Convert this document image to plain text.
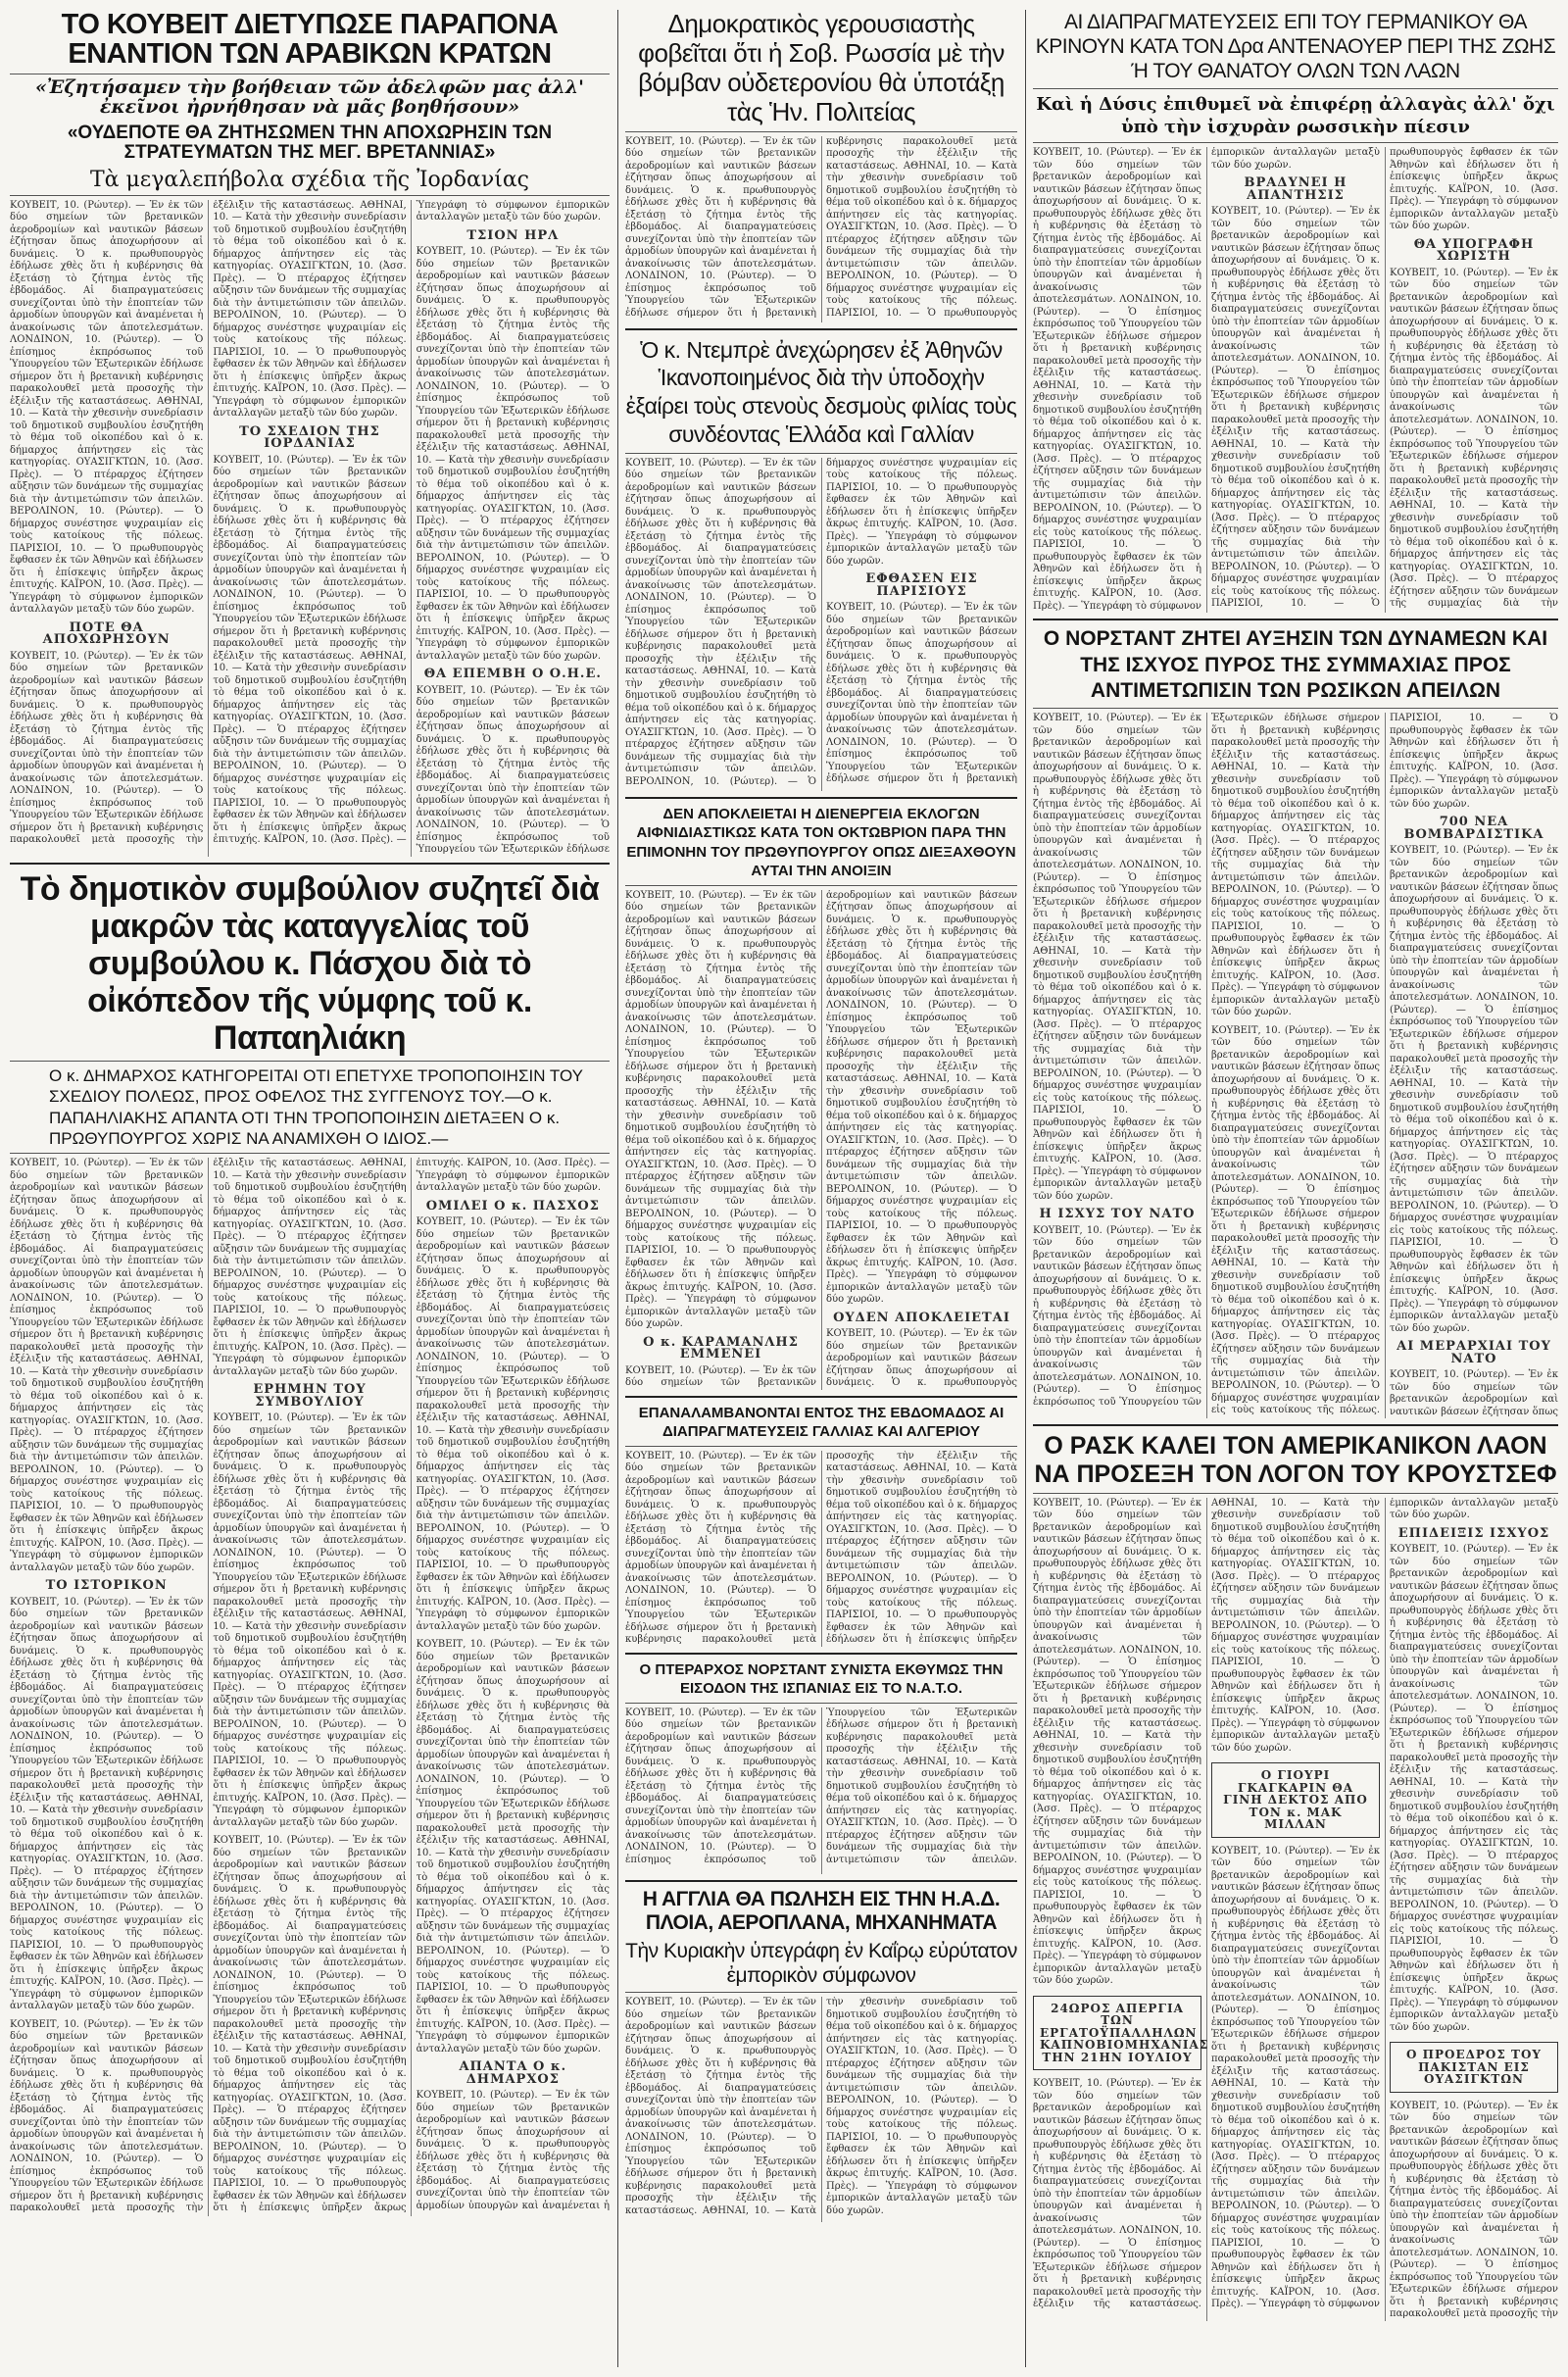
ΤΟ ΚΟΥΒΕΙΤ ΔΙΕΤΥΠΩΣΕ ΠΑΡΑΠΟΝΑ ΕΝΑΝΤΙΟΝ ΤΩΝ ΑΡΑΒΙΚΩΝ ΚΡΑΤΩΝ
«Ἐζητήσαμεν τὴν βοήθειαν τῶν ἀδελφῶν μας ἀλλ' ἐκεῖνοι ἠρνήθησαν νὰ μᾶς βοηθήσουν»
«ΟΥΔΕΠΟΤΕ ΘΑ ΖΗΤΗΣΩΜΕΝ ΤΗΝ ΑΠΟΧΩΡΗΣΙΝ ΤΩΝ ΣΤΡΑΤΕΥΜΑΤΩΝ ΤΗΣ ΜΕΓ. ΒΡΕΤΑΝΝΙΑΣ»
Τὰ μεγαλεπήβολα σχέδια τῆς Ἰορδανίας

ΚΟΥΒΕΙΤ, 10. (Ρώυτερ). — Ἐν ἐκ τῶν δύο σημείων τῶν βρετανικῶν ἀεροδρομίων καὶ ναυτικῶν βάσεων ἐζήτησαν ὅπως ἀποχωρήσουν αἱ δυνάμεις. Ὁ κ. πρωθυπουργὸς ἐδήλωσε χθὲς ὅτι ἡ κυβέρνησις θὰ ἐξετάσῃ τὸ ζήτημα ἐντὸς τῆς ἑβδομάδος. Αἱ διαπραγματεύσεις συνεχίζονται ὑπὸ τὴν ἐποπτείαν τῶν ἁρμοδίων ὑπουργῶν καὶ ἀναμένεται ἡ ἀνακοίνωσις τῶν ἀποτελεσμάτων. ΛΟΝΔΙΝΟΝ, 10. (Ρώυτερ). — Ὁ ἐπίσημος ἐκπρόσωπος τοῦ Ὑπουργείου τῶν Ἐξωτερικῶν ἐδήλωσε σήμερον ὅτι ἡ βρετανικὴ κυβέρνησις παρακολουθεῖ μετὰ προσοχῆς τὴν ἐξέλιξιν τῆς καταστάσεως. ΑΘΗΝΑΙ, 10. — Κατὰ τὴν χθεσινὴν συνεδρίασιν τοῦ δημοτικοῦ συμβουλίου ἐσυζητήθη τὸ θέμα τοῦ οἰκοπέδου καὶ ὁ κ. δήμαρχος ἀπήντησεν εἰς τὰς κατηγορίας. ΟΥΑΣΙΓΚΤΩΝ, 10. (Ἀσσ. Πρὲς). — Ὁ πτέραρχος ἐζήτησεν αὔξησιν τῶν δυνάμεων τῆς συμμαχίας διὰ τὴν ἀντιμετώπισιν τῶν ἀπειλῶν. ΒΕΡΟΛΙΝΟΝ, 10. (Ρώυτερ). — Ὁ δήμαρχος συνέστησε ψυχραιμίαν εἰς τοὺς κατοίκους τῆς πόλεως. ΠΑΡΙΣΙΟΙ, 10. — Ὁ πρωθυπουργὸς ἔφθασεν ἐκ τῶν Ἀθηνῶν καὶ ἐδήλωσεν ὅτι ἡ ἐπίσκεψις ὑπῆρξεν ἄκρως ἐπιτυχής. ΚΑΪΡΟΝ, 10. (Ἀσσ. Πρὲς). — Ὑπεγράφη τὸ σύμφωνον ἐμπορικῶν ἀνταλλαγῶν μεταξὺ τῶν δύο χωρῶν.

ΠΟΤΕ ΘΑ ΑΠΟΧΩΡΗΣΟΥΝ

ΚΟΥΒΕΙΤ, 10. (Ρώυτερ). — Ἐν ἐκ τῶν δύο σημείων τῶν βρετανικῶν ἀεροδρομίων καὶ ναυτικῶν βάσεων ἐζήτησαν ὅπως ἀποχωρήσουν αἱ δυνάμεις. Ὁ κ. πρωθυπουργὸς ἐδήλωσε χθὲς ὅτι ἡ κυβέρνησις θὰ ἐξετάσῃ τὸ ζήτημα ἐντὸς τῆς ἑβδομάδος. Αἱ διαπραγματεύσεις συνεχίζονται ὑπὸ τὴν ἐποπτείαν τῶν ἁρμοδίων ὑπουργῶν καὶ ἀναμένεται ἡ ἀνακοίνωσις τῶν ἀποτελεσμάτων. ΛΟΝΔΙΝΟΝ, 10. (Ρώυτερ). — Ὁ ἐπίσημος ἐκπρόσωπος τοῦ Ὑπουργείου τῶν Ἐξωτερικῶν ἐδήλωσε σήμερον ὅτι ἡ βρετανικὴ κυβέρνησις παρακολουθεῖ μετὰ προσοχῆς τὴν ἐξέλιξιν τῆς καταστάσεως. ΑΘΗΝΑΙ, 10. — Κατὰ τὴν χθεσινὴν συνεδρίασιν τοῦ δημοτικοῦ συμβουλίου ἐσυζητήθη τὸ θέμα τοῦ οἰκοπέδου καὶ ὁ κ. δήμαρχος ἀπήντησεν εἰς τὰς κατηγορίας. ΟΥΑΣΙΓΚΤΩΝ, 10. (Ἀσσ. Πρὲς). — Ὁ πτέραρχος ἐζήτησεν αὔξησιν τῶν δυνάμεων τῆς συμμαχίας διὰ τὴν ἀντιμετώπισιν τῶν ἀπειλῶν. ΒΕΡΟΛΙΝΟΝ, 10. (Ρώυτερ). — Ὁ δήμαρχος συνέστησε ψυχραιμίαν εἰς τοὺς κατοίκους τῆς πόλεως. ΠΑΡΙΣΙΟΙ, 10. — Ὁ πρωθυπουργὸς ἔφθασεν ἐκ τῶν Ἀθηνῶν καὶ ἐδήλωσεν ὅτι ἡ ἐπίσκεψις ὑπῆρξεν ἄκρως ἐπιτυχής. ΚΑΪΡΟΝ, 10. (Ἀσσ. Πρὲς). — Ὑπεγράφη τὸ σύμφωνον ἐμπορικῶν ἀνταλλαγῶν μεταξὺ τῶν δύο χωρῶν.

ΤΟ ΣΧΕΔΙΟΝ ΤΗΣ ΙΟΡΔΑΝΙΑΣ

ΚΟΥΒΕΙΤ, 10. (Ρώυτερ). — Ἐν ἐκ τῶν δύο σημείων τῶν βρετανικῶν ἀεροδρομίων καὶ ναυτικῶν βάσεων ἐζήτησαν ὅπως ἀποχωρήσουν αἱ δυνάμεις. Ὁ κ. πρωθυπουργὸς ἐδήλωσε χθὲς ὅτι ἡ κυβέρνησις θὰ ἐξετάσῃ τὸ ζήτημα ἐντὸς τῆς ἑβδομάδος. Αἱ διαπραγματεύσεις συνεχίζονται ὑπὸ τὴν ἐποπτείαν τῶν ἁρμοδίων ὑπουργῶν καὶ ἀναμένεται ἡ ἀνακοίνωσις τῶν ἀποτελεσμάτων. ΛΟΝΔΙΝΟΝ, 10. (Ρώυτερ). — Ὁ ἐπίσημος ἐκπρόσωπος τοῦ Ὑπουργείου τῶν Ἐξωτερικῶν ἐδήλωσε σήμερον ὅτι ἡ βρετανικὴ κυβέρνησις παρακολουθεῖ μετὰ προσοχῆς τὴν ἐξέλιξιν τῆς καταστάσεως. ΑΘΗΝΑΙ, 10. — Κατὰ τὴν χθεσινὴν συνεδρίασιν τοῦ δημοτικοῦ συμβουλίου ἐσυζητήθη τὸ θέμα τοῦ οἰκοπέδου καὶ ὁ κ. δήμαρχος ἀπήντησεν εἰς τὰς κατηγορίας. ΟΥΑΣΙΓΚΤΩΝ, 10. (Ἀσσ. Πρὲς). — Ὁ πτέραρχος ἐζήτησεν αὔξησιν τῶν δυνάμεων τῆς συμμαχίας διὰ τὴν ἀντιμετώπισιν τῶν ἀπειλῶν. ΒΕΡΟΛΙΝΟΝ, 10. (Ρώυτερ). — Ὁ δήμαρχος συνέστησε ψυχραιμίαν εἰς τοὺς κατοίκους τῆς πόλεως. ΠΑΡΙΣΙΟΙ, 10. — Ὁ πρωθυπουργὸς ἔφθασεν ἐκ τῶν Ἀθηνῶν καὶ ἐδήλωσεν ὅτι ἡ ἐπίσκεψις ὑπῆρξεν ἄκρως ἐπιτυχής. ΚΑΪΡΟΝ, 10. (Ἀσσ. Πρὲς). — Ὑπεγράφη τὸ σύμφωνον ἐμπορικῶν ἀνταλλαγῶν μεταξὺ τῶν δύο χωρῶν.

ΤΣΙΟΝ ΗΡΛ

ΚΟΥΒΕΙΤ, 10. (Ρώυτερ). — Ἐν ἐκ τῶν δύο σημείων τῶν βρετανικῶν ἀεροδρομίων καὶ ναυτικῶν βάσεων ἐζήτησαν ὅπως ἀποχωρήσουν αἱ δυνάμεις. Ὁ κ. πρωθυπουργὸς ἐδήλωσε χθὲς ὅτι ἡ κυβέρνησις θὰ ἐξετάσῃ τὸ ζήτημα ἐντὸς τῆς ἑβδομάδος. Αἱ διαπραγματεύσεις συνεχίζονται ὑπὸ τὴν ἐποπτείαν τῶν ἁρμοδίων ὑπουργῶν καὶ ἀναμένεται ἡ ἀνακοίνωσις τῶν ἀποτελεσμάτων. ΛΟΝΔΙΝΟΝ, 10. (Ρώυτερ). — Ὁ ἐπίσημος ἐκπρόσωπος τοῦ Ὑπουργείου τῶν Ἐξωτερικῶν ἐδήλωσε σήμερον ὅτι ἡ βρετανικὴ κυβέρνησις παρακολουθεῖ μετὰ προσοχῆς τὴν ἐξέλιξιν τῆς καταστάσεως. ΑΘΗΝΑΙ, 10. — Κατὰ τὴν χθεσινὴν συνεδρίασιν τοῦ δημοτικοῦ συμβουλίου ἐσυζητήθη τὸ θέμα τοῦ οἰκοπέδου καὶ ὁ κ. δήμαρχος ἀπήντησεν εἰς τὰς κατηγορίας. ΟΥΑΣΙΓΚΤΩΝ, 10. (Ἀσσ. Πρὲς). — Ὁ πτέραρχος ἐζήτησεν αὔξησιν τῶν δυνάμεων τῆς συμμαχίας διὰ τὴν ἀντιμετώπισιν τῶν ἀπειλῶν. ΒΕΡΟΛΙΝΟΝ, 10. (Ρώυτερ). — Ὁ δήμαρχος συνέστησε ψυχραιμίαν εἰς τοὺς κατοίκους τῆς πόλεως. ΠΑΡΙΣΙΟΙ, 10. — Ὁ πρωθυπουργὸς ἔφθασεν ἐκ τῶν Ἀθηνῶν καὶ ἐδήλωσεν ὅτι ἡ ἐπίσκεψις ὑπῆρξεν ἄκρως ἐπιτυχής. ΚΑΪΡΟΝ, 10. (Ἀσσ. Πρὲς). — Ὑπεγράφη τὸ σύμφωνον ἐμπορικῶν ἀνταλλαγῶν μεταξὺ τῶν δύο χωρῶν.

ΘΑ ΕΠΕΜΒΗ Ο Ο.Η.Ε.

ΚΟΥΒΕΙΤ, 10. (Ρώυτερ). — Ἐν ἐκ τῶν δύο σημείων τῶν βρετανικῶν ἀεροδρομίων καὶ ναυτικῶν βάσεων ἐζήτησαν ὅπως ἀποχωρήσουν αἱ δυνάμεις. Ὁ κ. πρωθυπουργὸς ἐδήλωσε χθὲς ὅτι ἡ κυβέρνησις θὰ ἐξετάσῃ τὸ ζήτημα ἐντὸς τῆς ἑβδομάδος. Αἱ διαπραγματεύσεις συνεχίζονται ὑπὸ τὴν ἐποπτείαν τῶν ἁρμοδίων ὑπουργῶν καὶ ἀναμένεται ἡ ἀνακοίνωσις τῶν ἀποτελεσμάτων. ΛΟΝΔΙΝΟΝ, 10. (Ρώυτερ). — Ὁ ἐπίσημος ἐκπρόσωπος τοῦ Ὑπουργείου τῶν Ἐξωτερικῶν ἐδήλωσε

Τὸ δημοτικὸν συμβούλιον συζητεῖ διὰ μακρῶν τὰς καταγγελίας τοῦ συμβούλου κ. Πάσχου διὰ τὸ οἰκόπεδον τῆς νύμφης τοῦ κ. Παπαηλιάκη
Ο κ. ΔΗΜΑΡΧΟΣ ΚΑΤΗΓΟΡΕΙΤΑΙ ΟΤΙ ΕΠΕΤΥΧΕ ΤΡΟΠΟΠΟΙΗΣΙΝ ΤΟΥ ΣΧΕΔΙΟΥ ΠΟΛΕΩΣ, ΠΡΟΣ ΟΦΕΛΟΣ ΤΗΣ ΣΥΓΓΕΝΟΥΣ ΤΟΥ.—Ο κ. ΠΑΠΑΗΛΙΑΚΗΣ ΑΠΑΝΤΑ ΟΤΙ ΤΗΝ ΤΡΟΠΟΠΟΙΗΣΙΝ ΔΙΕΤΑΞΕΝ Ο κ. ΠΡΩΘΥΠΟΥΡΓΟΣ ΧΩΡΙΣ ΝΑ ΑΝΑΜΙΧΘΗ Ο ΙΔΙΟΣ.—

ΚΟΥΒΕΙΤ, 10. (Ρώυτερ). — Ἐν ἐκ τῶν δύο σημείων τῶν βρετανικῶν ἀεροδρομίων καὶ ναυτικῶν βάσεων ἐζήτησαν ὅπως ἀποχωρήσουν αἱ δυνάμεις. Ὁ κ. πρωθυπουργὸς ἐδήλωσε χθὲς ὅτι ἡ κυβέρνησις θὰ ἐξετάσῃ τὸ ζήτημα ἐντὸς τῆς ἑβδομάδος. Αἱ διαπραγματεύσεις συνεχίζονται ὑπὸ τὴν ἐποπτείαν τῶν ἁρμοδίων ὑπουργῶν καὶ ἀναμένεται ἡ ἀνακοίνωσις τῶν ἀποτελεσμάτων. ΛΟΝΔΙΝΟΝ, 10. (Ρώυτερ). — Ὁ ἐπίσημος ἐκπρόσωπος τοῦ Ὑπουργείου τῶν Ἐξωτερικῶν ἐδήλωσε σήμερον ὅτι ἡ βρετανικὴ κυβέρνησις παρακολουθεῖ μετὰ προσοχῆς τὴν ἐξέλιξιν τῆς καταστάσεως. ΑΘΗΝΑΙ, 10. — Κατὰ τὴν χθεσινὴν συνεδρίασιν τοῦ δημοτικοῦ συμβουλίου ἐσυζητήθη τὸ θέμα τοῦ οἰκοπέδου καὶ ὁ κ. δήμαρχος ἀπήντησεν εἰς τὰς κατηγορίας. ΟΥΑΣΙΓΚΤΩΝ, 10. (Ἀσσ. Πρὲς). — Ὁ πτέραρχος ἐζήτησεν αὔξησιν τῶν δυνάμεων τῆς συμμαχίας διὰ τὴν ἀντιμετώπισιν τῶν ἀπειλῶν. ΒΕΡΟΛΙΝΟΝ, 10. (Ρώυτερ). — Ὁ δήμαρχος συνέστησε ψυχραιμίαν εἰς τοὺς κατοίκους τῆς πόλεως. ΠΑΡΙΣΙΟΙ, 10. — Ὁ πρωθυπουργὸς ἔφθασεν ἐκ τῶν Ἀθηνῶν καὶ ἐδήλωσεν ὅτι ἡ ἐπίσκεψις ὑπῆρξεν ἄκρως ἐπιτυχής. ΚΑΪΡΟΝ, 10. (Ἀσσ. Πρὲς). — Ὑπεγράφη τὸ σύμφωνον ἐμπορικῶν ἀνταλλαγῶν μεταξὺ τῶν δύο χωρῶν.

ΤΟ ΙΣΤΟΡΙΚΟΝ

ΚΟΥΒΕΙΤ, 10. (Ρώυτερ). — Ἐν ἐκ τῶν δύο σημείων τῶν βρετανικῶν ἀεροδρομίων καὶ ναυτικῶν βάσεων ἐζήτησαν ὅπως ἀποχωρήσουν αἱ δυνάμεις. Ὁ κ. πρωθυπουργὸς ἐδήλωσε χθὲς ὅτι ἡ κυβέρνησις θὰ ἐξετάσῃ τὸ ζήτημα ἐντὸς τῆς ἑβδομάδος. Αἱ διαπραγματεύσεις συνεχίζονται ὑπὸ τὴν ἐποπτείαν τῶν ἁρμοδίων ὑπουργῶν καὶ ἀναμένεται ἡ ἀνακοίνωσις τῶν ἀποτελεσμάτων. ΛΟΝΔΙΝΟΝ, 10. (Ρώυτερ). — Ὁ ἐπίσημος ἐκπρόσωπος τοῦ Ὑπουργείου τῶν Ἐξωτερικῶν ἐδήλωσε σήμερον ὅτι ἡ βρετανικὴ κυβέρνησις παρακολουθεῖ μετὰ προσοχῆς τὴν ἐξέλιξιν τῆς καταστάσεως. ΑΘΗΝΑΙ, 10. — Κατὰ τὴν χθεσινὴν συνεδρίασιν τοῦ δημοτικοῦ συμβουλίου ἐσυζητήθη τὸ θέμα τοῦ οἰκοπέδου καὶ ὁ κ. δήμαρχος ἀπήντησεν εἰς τὰς κατηγορίας. ΟΥΑΣΙΓΚΤΩΝ, 10. (Ἀσσ. Πρὲς). — Ὁ πτέραρχος ἐζήτησεν αὔξησιν τῶν δυνάμεων τῆς συμμαχίας διὰ τὴν ἀντιμετώπισιν τῶν ἀπειλῶν. ΒΕΡΟΛΙΝΟΝ, 10. (Ρώυτερ). — Ὁ δήμαρχος συνέστησε ψυχραιμίαν εἰς τοὺς κατοίκους τῆς πόλεως. ΠΑΡΙΣΙΟΙ, 10. — Ὁ πρωθυπουργὸς ἔφθασεν ἐκ τῶν Ἀθηνῶν καὶ ἐδήλωσεν ὅτι ἡ ἐπίσκεψις ὑπῆρξεν ἄκρως ἐπιτυχής. ΚΑΪΡΟΝ, 10. (Ἀσσ. Πρὲς). — Ὑπεγράφη τὸ σύμφωνον ἐμπορικῶν ἀνταλλαγῶν μεταξὺ τῶν δύο χωρῶν.

ΚΟΥΒΕΙΤ, 10. (Ρώυτερ). — Ἐν ἐκ τῶν δύο σημείων τῶν βρετανικῶν ἀεροδρομίων καὶ ναυτικῶν βάσεων ἐζήτησαν ὅπως ἀποχωρήσουν αἱ δυνάμεις. Ὁ κ. πρωθυπουργὸς ἐδήλωσε χθὲς ὅτι ἡ κυβέρνησις θὰ ἐξετάσῃ τὸ ζήτημα ἐντὸς τῆς ἑβδομάδος. Αἱ διαπραγματεύσεις συνεχίζονται ὑπὸ τὴν ἐποπτείαν τῶν ἁρμοδίων ὑπουργῶν καὶ ἀναμένεται ἡ ἀνακοίνωσις τῶν ἀποτελεσμάτων. ΛΟΝΔΙΝΟΝ, 10. (Ρώυτερ). — Ὁ ἐπίσημος ἐκπρόσωπος τοῦ Ὑπουργείου τῶν Ἐξωτερικῶν ἐδήλωσε σήμερον ὅτι ἡ βρετανικὴ κυβέρνησις παρακολουθεῖ μετὰ προσοχῆς τὴν ἐξέλιξιν τῆς καταστάσεως. ΑΘΗΝΑΙ, 10. — Κατὰ τὴν χθεσινὴν συνεδρίασιν τοῦ δημοτικοῦ συμβουλίου ἐσυζητήθη τὸ θέμα τοῦ οἰκοπέδου καὶ ὁ κ. δήμαρχος ἀπήντησεν εἰς τὰς κατηγορίας. ΟΥΑΣΙΓΚΤΩΝ, 10. (Ἀσσ. Πρὲς). — Ὁ πτέραρχος ἐζήτησεν αὔξησιν τῶν δυνάμεων τῆς συμμαχίας διὰ τὴν ἀντιμετώπισιν τῶν ἀπειλῶν. ΒΕΡΟΛΙΝΟΝ, 10. (Ρώυτερ). — Ὁ δήμαρχος συνέστησε ψυχραιμίαν εἰς τοὺς κατοίκους τῆς πόλεως. ΠΑΡΙΣΙΟΙ, 10. — Ὁ πρωθυπουργὸς ἔφθασεν ἐκ τῶν Ἀθηνῶν καὶ ἐδήλωσεν ὅτι ἡ ἐπίσκεψις ὑπῆρξεν ἄκρως ἐπιτυχής. ΚΑΪΡΟΝ, 10. (Ἀσσ. Πρὲς). — Ὑπεγράφη τὸ σύμφωνον ἐμπορικῶν ἀνταλλαγῶν μεταξὺ τῶν δύο χωρῶν.

ΕΡΗΜΗΝ ΤΟΥ ΣΥΜΒΟΥΛΙΟΥ

ΚΟΥΒΕΙΤ, 10. (Ρώυτερ). — Ἐν ἐκ τῶν δύο σημείων τῶν βρετανικῶν ἀεροδρομίων καὶ ναυτικῶν βάσεων ἐζήτησαν ὅπως ἀποχωρήσουν αἱ δυνάμεις. Ὁ κ. πρωθυπουργὸς ἐδήλωσε χθὲς ὅτι ἡ κυβέρνησις θὰ ἐξετάσῃ τὸ ζήτημα ἐντὸς τῆς ἑβδομάδος. Αἱ διαπραγματεύσεις συνεχίζονται ὑπὸ τὴν ἐποπτείαν τῶν ἁρμοδίων ὑπουργῶν καὶ ἀναμένεται ἡ ἀνακοίνωσις τῶν ἀποτελεσμάτων. ΛΟΝΔΙΝΟΝ, 10. (Ρώυτερ). — Ὁ ἐπίσημος ἐκπρόσωπος τοῦ Ὑπουργείου τῶν Ἐξωτερικῶν ἐδήλωσε σήμερον ὅτι ἡ βρετανικὴ κυβέρνησις παρακολουθεῖ μετὰ προσοχῆς τὴν ἐξέλιξιν τῆς καταστάσεως. ΑΘΗΝΑΙ, 10. — Κατὰ τὴν χθεσινὴν συνεδρίασιν τοῦ δημοτικοῦ συμβουλίου ἐσυζητήθη τὸ θέμα τοῦ οἰκοπέδου καὶ ὁ κ. δήμαρχος ἀπήντησεν εἰς τὰς κατηγορίας. ΟΥΑΣΙΓΚΤΩΝ, 10. (Ἀσσ. Πρὲς). — Ὁ πτέραρχος ἐζήτησεν αὔξησιν τῶν δυνάμεων τῆς συμμαχίας διὰ τὴν ἀντιμετώπισιν τῶν ἀπειλῶν. ΒΕΡΟΛΙΝΟΝ, 10. (Ρώυτερ). — Ὁ δήμαρχος συνέστησε ψυχραιμίαν εἰς τοὺς κατοίκους τῆς πόλεως. ΠΑΡΙΣΙΟΙ, 10. — Ὁ πρωθυπουργὸς ἔφθασεν ἐκ τῶν Ἀθηνῶν καὶ ἐδήλωσεν ὅτι ἡ ἐπίσκεψις ὑπῆρξεν ἄκρως ἐπιτυχής. ΚΑΪΡΟΝ, 10. (Ἀσσ. Πρὲς). — Ὑπεγράφη τὸ σύμφωνον ἐμπορικῶν ἀνταλλαγῶν μεταξὺ τῶν δύο χωρῶν.

ΚΟΥΒΕΙΤ, 10. (Ρώυτερ). — Ἐν ἐκ τῶν δύο σημείων τῶν βρετανικῶν ἀεροδρομίων καὶ ναυτικῶν βάσεων ἐζήτησαν ὅπως ἀποχωρήσουν αἱ δυνάμεις. Ὁ κ. πρωθυπουργὸς ἐδήλωσε χθὲς ὅτι ἡ κυβέρνησις θὰ ἐξετάσῃ τὸ ζήτημα ἐντὸς τῆς ἑβδομάδος. Αἱ διαπραγματεύσεις συνεχίζονται ὑπὸ τὴν ἐποπτείαν τῶν ἁρμοδίων ὑπουργῶν καὶ ἀναμένεται ἡ ἀνακοίνωσις τῶν ἀποτελεσμάτων. ΛΟΝΔΙΝΟΝ, 10. (Ρώυτερ). — Ὁ ἐπίσημος ἐκπρόσωπος τοῦ Ὑπουργείου τῶν Ἐξωτερικῶν ἐδήλωσε σήμερον ὅτι ἡ βρετανικὴ κυβέρνησις παρακολουθεῖ μετὰ προσοχῆς τὴν ἐξέλιξιν τῆς καταστάσεως. ΑΘΗΝΑΙ, 10. — Κατὰ τὴν χθεσινὴν συνεδρίασιν τοῦ δημοτικοῦ συμβουλίου ἐσυζητήθη τὸ θέμα τοῦ οἰκοπέδου καὶ ὁ κ. δήμαρχος ἀπήντησεν εἰς τὰς κατηγορίας. ΟΥΑΣΙΓΚΤΩΝ, 10. (Ἀσσ. Πρὲς). — Ὁ πτέραρχος ἐζήτησεν αὔξησιν τῶν δυνάμεων τῆς συμμαχίας διὰ τὴν ἀντιμετώπισιν τῶν ἀπειλῶν. ΒΕΡΟΛΙΝΟΝ, 10. (Ρώυτερ). — Ὁ δήμαρχος συνέστησε ψυχραιμίαν εἰς τοὺς κατοίκους τῆς πόλεως. ΠΑΡΙΣΙΟΙ, 10. — Ὁ πρωθυπουργὸς ἔφθασεν ἐκ τῶν Ἀθηνῶν καὶ ἐδήλωσεν ὅτι ἡ ἐπίσκεψις ὑπῆρξεν ἄκρως ἐπιτυχής. ΚΑΪΡΟΝ, 10. (Ἀσσ. Πρὲς). — Ὑπεγράφη τὸ σύμφωνον ἐμπορικῶν ἀνταλλαγῶν μεταξὺ τῶν δύο χωρῶν.

ΟΜΙΛΕΙ Ο κ. ΠΑΣΧΟΣ

ΚΟΥΒΕΙΤ, 10. (Ρώυτερ). — Ἐν ἐκ τῶν δύο σημείων τῶν βρετανικῶν ἀεροδρομίων καὶ ναυτικῶν βάσεων ἐζήτησαν ὅπως ἀποχωρήσουν αἱ δυνάμεις. Ὁ κ. πρωθυπουργὸς ἐδήλωσε χθὲς ὅτι ἡ κυβέρνησις θὰ ἐξετάσῃ τὸ ζήτημα ἐντὸς τῆς ἑβδομάδος. Αἱ διαπραγματεύσεις συνεχίζονται ὑπὸ τὴν ἐποπτείαν τῶν ἁρμοδίων ὑπουργῶν καὶ ἀναμένεται ἡ ἀνακοίνωσις τῶν ἀποτελεσμάτων. ΛΟΝΔΙΝΟΝ, 10. (Ρώυτερ). — Ὁ ἐπίσημος ἐκπρόσωπος τοῦ Ὑπουργείου τῶν Ἐξωτερικῶν ἐδήλωσε σήμερον ὅτι ἡ βρετανικὴ κυβέρνησις παρακολουθεῖ μετὰ προσοχῆς τὴν ἐξέλιξιν τῆς καταστάσεως. ΑΘΗΝΑΙ, 10. — Κατὰ τὴν χθεσινὴν συνεδρίασιν τοῦ δημοτικοῦ συμβουλίου ἐσυζητήθη τὸ θέμα τοῦ οἰκοπέδου καὶ ὁ κ. δήμαρχος ἀπήντησεν εἰς τὰς κατηγορίας. ΟΥΑΣΙΓΚΤΩΝ, 10. (Ἀσσ. Πρὲς). — Ὁ πτέραρχος ἐζήτησεν αὔξησιν τῶν δυνάμεων τῆς συμμαχίας διὰ τὴν ἀντιμετώπισιν τῶν ἀπειλῶν. ΒΕΡΟΛΙΝΟΝ, 10. (Ρώυτερ). — Ὁ δήμαρχος συνέστησε ψυχραιμίαν εἰς τοὺς κατοίκους τῆς πόλεως. ΠΑΡΙΣΙΟΙ, 10. — Ὁ πρωθυπουργὸς ἔφθασεν ἐκ τῶν Ἀθηνῶν καὶ ἐδήλωσεν ὅτι ἡ ἐπίσκεψις ὑπῆρξεν ἄκρως ἐπιτυχής. ΚΑΪΡΟΝ, 10. (Ἀσσ. Πρὲς). — Ὑπεγράφη τὸ σύμφωνον ἐμπορικῶν ἀνταλλαγῶν μεταξὺ τῶν δύο χωρῶν.

ΚΟΥΒΕΙΤ, 10. (Ρώυτερ). — Ἐν ἐκ τῶν δύο σημείων τῶν βρετανικῶν ἀεροδρομίων καὶ ναυτικῶν βάσεων ἐζήτησαν ὅπως ἀποχωρήσουν αἱ δυνάμεις. Ὁ κ. πρωθυπουργὸς ἐδήλωσε χθὲς ὅτι ἡ κυβέρνησις θὰ ἐξετάσῃ τὸ ζήτημα ἐντὸς τῆς ἑβδομάδος. Αἱ διαπραγματεύσεις συνεχίζονται ὑπὸ τὴν ἐποπτείαν τῶν ἁρμοδίων ὑπουργῶν καὶ ἀναμένεται ἡ ἀνακοίνωσις τῶν ἀποτελεσμάτων. ΛΟΝΔΙΝΟΝ, 10. (Ρώυτερ). — Ὁ ἐπίσημος ἐκπρόσωπος τοῦ Ὑπουργείου τῶν Ἐξωτερικῶν ἐδήλωσε σήμερον ὅτι ἡ βρετανικὴ κυβέρνησις παρακολουθεῖ μετὰ προσοχῆς τὴν ἐξέλιξιν τῆς καταστάσεως. ΑΘΗΝΑΙ, 10. — Κατὰ τὴν χθεσινὴν συνεδρίασιν τοῦ δημοτικοῦ συμβουλίου ἐσυζητήθη τὸ θέμα τοῦ οἰκοπέδου καὶ ὁ κ. δήμαρχος ἀπήντησεν εἰς τὰς κατηγορίας. ΟΥΑΣΙΓΚΤΩΝ, 10. (Ἀσσ. Πρὲς). — Ὁ πτέραρχος ἐζήτησεν αὔξησιν τῶν δυνάμεων τῆς συμμαχίας διὰ τὴν ἀντιμετώπισιν τῶν ἀπειλῶν. ΒΕΡΟΛΙΝΟΝ, 10. (Ρώυτερ). — Ὁ δήμαρχος συνέστησε ψυχραιμίαν εἰς τοὺς κατοίκους τῆς πόλεως. ΠΑΡΙΣΙΟΙ, 10. — Ὁ πρωθυπουργὸς ἔφθασεν ἐκ τῶν Ἀθηνῶν καὶ ἐδήλωσεν ὅτι ἡ ἐπίσκεψις ὑπῆρξεν ἄκρως ἐπιτυχής. ΚΑΪΡΟΝ, 10. (Ἀσσ. Πρὲς). — Ὑπεγράφη τὸ σύμφωνον ἐμπορικῶν ἀνταλλαγῶν μεταξὺ τῶν δύο χωρῶν.

ΑΠΑΝΤΑ Ο κ. ΔΗΜΑΡΧΟΣ

ΚΟΥΒΕΙΤ, 10. (Ρώυτερ). — Ἐν ἐκ τῶν δύο σημείων τῶν βρετανικῶν ἀεροδρομίων καὶ ναυτικῶν βάσεων ἐζήτησαν ὅπως ἀποχωρήσουν αἱ δυνάμεις. Ὁ κ. πρωθυπουργὸς ἐδήλωσε χθὲς ὅτι ἡ κυβέρνησις θὰ ἐξετάσῃ τὸ ζήτημα ἐντὸς τῆς ἑβδομάδος. Αἱ διαπραγματεύσεις συνεχίζονται ὑπὸ τὴν ἐποπτείαν τῶν ἁρμοδίων ὑπουργῶν καὶ ἀναμένεται ἡ

Δημοκρατικὸς γερουσιαστὴς φοβεῖται ὅτι ἡ Σοβ. Ρωσσία μὲ τὴν βόμβαν οὐδετερονίου θὰ ὑποτάξῃ τὰς Ἡν. Πολιτείας

ΚΟΥΒΕΙΤ, 10. (Ρώυτερ). — Ἐν ἐκ τῶν δύο σημείων τῶν βρετανικῶν ἀεροδρομίων καὶ ναυτικῶν βάσεων ἐζήτησαν ὅπως ἀποχωρήσουν αἱ δυνάμεις. Ὁ κ. πρωθυπουργὸς ἐδήλωσε χθὲς ὅτι ἡ κυβέρνησις θὰ ἐξετάσῃ τὸ ζήτημα ἐντὸς τῆς ἑβδομάδος. Αἱ διαπραγματεύσεις συνεχίζονται ὑπὸ τὴν ἐποπτείαν τῶν ἁρμοδίων ὑπουργῶν καὶ ἀναμένεται ἡ ἀνακοίνωσις τῶν ἀποτελεσμάτων. ΛΟΝΔΙΝΟΝ, 10. (Ρώυτερ). — Ὁ ἐπίσημος ἐκπρόσωπος τοῦ Ὑπουργείου τῶν Ἐξωτερικῶν ἐδήλωσε σήμερον ὅτι ἡ βρετανικὴ κυβέρνησις παρακολουθεῖ μετὰ προσοχῆς τὴν ἐξέλιξιν τῆς καταστάσεως. ΑΘΗΝΑΙ, 10. — Κατὰ τὴν χθεσινὴν συνεδρίασιν τοῦ δημοτικοῦ συμβουλίου ἐσυζητήθη τὸ θέμα τοῦ οἰκοπέδου καὶ ὁ κ. δήμαρχος ἀπήντησεν εἰς τὰς κατηγορίας. ΟΥΑΣΙΓΚΤΩΝ, 10. (Ἀσσ. Πρὲς). — Ὁ πτέραρχος ἐζήτησεν αὔξησιν τῶν δυνάμεων τῆς συμμαχίας διὰ τὴν ἀντιμετώπισιν τῶν ἀπειλῶν. ΒΕΡΟΛΙΝΟΝ, 10. (Ρώυτερ). — Ὁ δήμαρχος συνέστησε ψυχραιμίαν εἰς τοὺς κατοίκους τῆς πόλεως. ΠΑΡΙΣΙΟΙ, 10. — Ὁ πρωθυπουργὸς

Ὁ κ. Ντεμπρὲ ἀνεχώρησεν ἐξ Ἀθηνῶν Ἱκανοποιημένος διὰ τὴν ὑποδοχὴν ἐξαίρει τοὺς στενοὺς δεσμοὺς φιλίας τοὺς συνδέοντας Ἑλλάδα καὶ Γαλλίαν

ΚΟΥΒΕΙΤ, 10. (Ρώυτερ). — Ἐν ἐκ τῶν δύο σημείων τῶν βρετανικῶν ἀεροδρομίων καὶ ναυτικῶν βάσεων ἐζήτησαν ὅπως ἀποχωρήσουν αἱ δυνάμεις. Ὁ κ. πρωθυπουργὸς ἐδήλωσε χθὲς ὅτι ἡ κυβέρνησις θὰ ἐξετάσῃ τὸ ζήτημα ἐντὸς τῆς ἑβδομάδος. Αἱ διαπραγματεύσεις συνεχίζονται ὑπὸ τὴν ἐποπτείαν τῶν ἁρμοδίων ὑπουργῶν καὶ ἀναμένεται ἡ ἀνακοίνωσις τῶν ἀποτελεσμάτων. ΛΟΝΔΙΝΟΝ, 10. (Ρώυτερ). — Ὁ ἐπίσημος ἐκπρόσωπος τοῦ Ὑπουργείου τῶν Ἐξωτερικῶν ἐδήλωσε σήμερον ὅτι ἡ βρετανικὴ κυβέρνησις παρακολουθεῖ μετὰ προσοχῆς τὴν ἐξέλιξιν τῆς καταστάσεως. ΑΘΗΝΑΙ, 10. — Κατὰ τὴν χθεσινὴν συνεδρίασιν τοῦ δημοτικοῦ συμβουλίου ἐσυζητήθη τὸ θέμα τοῦ οἰκοπέδου καὶ ὁ κ. δήμαρχος ἀπήντησεν εἰς τὰς κατηγορίας. ΟΥΑΣΙΓΚΤΩΝ, 10. (Ἀσσ. Πρὲς). — Ὁ πτέραρχος ἐζήτησεν αὔξησιν τῶν δυνάμεων τῆς συμμαχίας διὰ τὴν ἀντιμετώπισιν τῶν ἀπειλῶν. ΒΕΡΟΛΙΝΟΝ, 10. (Ρώυτερ). — Ὁ δήμαρχος συνέστησε ψυχραιμίαν εἰς τοὺς κατοίκους τῆς πόλεως. ΠΑΡΙΣΙΟΙ, 10. — Ὁ πρωθυπουργὸς ἔφθασεν ἐκ τῶν Ἀθηνῶν καὶ ἐδήλωσεν ὅτι ἡ ἐπίσκεψις ὑπῆρξεν ἄκρως ἐπιτυχής. ΚΑΪΡΟΝ, 10. (Ἀσσ. Πρὲς). — Ὑπεγράφη τὸ σύμφωνον ἐμπορικῶν ἀνταλλαγῶν μεταξὺ τῶν δύο χωρῶν.

ΕΦΘΑΣΕΝ ΕΙΣ ΠΑΡΙΣΙΟΥΣ

ΚΟΥΒΕΙΤ, 10. (Ρώυτερ). — Ἐν ἐκ τῶν δύο σημείων τῶν βρετανικῶν ἀεροδρομίων καὶ ναυτικῶν βάσεων ἐζήτησαν ὅπως ἀποχωρήσουν αἱ δυνάμεις. Ὁ κ. πρωθυπουργὸς ἐδήλωσε χθὲς ὅτι ἡ κυβέρνησις θὰ ἐξετάσῃ τὸ ζήτημα ἐντὸς τῆς ἑβδομάδος. Αἱ διαπραγματεύσεις συνεχίζονται ὑπὸ τὴν ἐποπτείαν τῶν ἁρμοδίων ὑπουργῶν καὶ ἀναμένεται ἡ ἀνακοίνωσις τῶν ἀποτελεσμάτων. ΛΟΝΔΙΝΟΝ, 10. (Ρώυτερ). — Ὁ ἐπίσημος ἐκπρόσωπος τοῦ Ὑπουργείου τῶν Ἐξωτερικῶν ἐδήλωσε σήμερον ὅτι ἡ βρετανικὴ

ΔΕΝ ΑΠΟΚΛΕΙΕΤΑΙ Η ΔΙΕΝΕΡΓΕΙΑ ΕΚΛΟΓΩΝ ΑΙΦΝΙΔΙΑΣΤΙΚΩΣ ΚΑΤΑ ΤΟΝ ΟΚΤΩΒΡΙΟΝ ΠΑΡΑ ΤΗΝ ΕΠΙΜΟΝΗΝ ΤΟΥ ΠΡΩΘΥΠΟΥΡΓΟΥ ΟΠΩΣ ΔΙΕΞΑΧΘΟΥΝ ΑΥΤΑΙ ΤΗΝ ΑΝΟΙΞΙΝ

ΚΟΥΒΕΙΤ, 10. (Ρώυτερ). — Ἐν ἐκ τῶν δύο σημείων τῶν βρετανικῶν ἀεροδρομίων καὶ ναυτικῶν βάσεων ἐζήτησαν ὅπως ἀποχωρήσουν αἱ δυνάμεις. Ὁ κ. πρωθυπουργὸς ἐδήλωσε χθὲς ὅτι ἡ κυβέρνησις θὰ ἐξετάσῃ τὸ ζήτημα ἐντὸς τῆς ἑβδομάδος. Αἱ διαπραγματεύσεις συνεχίζονται ὑπὸ τὴν ἐποπτείαν τῶν ἁρμοδίων ὑπουργῶν καὶ ἀναμένεται ἡ ἀνακοίνωσις τῶν ἀποτελεσμάτων. ΛΟΝΔΙΝΟΝ, 10. (Ρώυτερ). — Ὁ ἐπίσημος ἐκπρόσωπος τοῦ Ὑπουργείου τῶν Ἐξωτερικῶν ἐδήλωσε σήμερον ὅτι ἡ βρετανικὴ κυβέρνησις παρακολουθεῖ μετὰ προσοχῆς τὴν ἐξέλιξιν τῆς καταστάσεως. ΑΘΗΝΑΙ, 10. — Κατὰ τὴν χθεσινὴν συνεδρίασιν τοῦ δημοτικοῦ συμβουλίου ἐσυζητήθη τὸ θέμα τοῦ οἰκοπέδου καὶ ὁ κ. δήμαρχος ἀπήντησεν εἰς τὰς κατηγορίας. ΟΥΑΣΙΓΚΤΩΝ, 10. (Ἀσσ. Πρὲς). — Ὁ πτέραρχος ἐζήτησεν αὔξησιν τῶν δυνάμεων τῆς συμμαχίας διὰ τὴν ἀντιμετώπισιν τῶν ἀπειλῶν. ΒΕΡΟΛΙΝΟΝ, 10. (Ρώυτερ). — Ὁ δήμαρχος συνέστησε ψυχραιμίαν εἰς τοὺς κατοίκους τῆς πόλεως. ΠΑΡΙΣΙΟΙ, 10. — Ὁ πρωθυπουργὸς ἔφθασεν ἐκ τῶν Ἀθηνῶν καὶ ἐδήλωσεν ὅτι ἡ ἐπίσκεψις ὑπῆρξεν ἄκρως ἐπιτυχής. ΚΑΪΡΟΝ, 10. (Ἀσσ. Πρὲς). — Ὑπεγράφη τὸ σύμφωνον ἐμπορικῶν ἀνταλλαγῶν μεταξὺ τῶν δύο χωρῶν.

Ο κ. ΚΑΡΑΜΑΝΛΗΣ ΕΜΜΕΝΕΙ

ΚΟΥΒΕΙΤ, 10. (Ρώυτερ). — Ἐν ἐκ τῶν δύο σημείων τῶν βρετανικῶν ἀεροδρομίων καὶ ναυτικῶν βάσεων ἐζήτησαν ὅπως ἀποχωρήσουν αἱ δυνάμεις. Ὁ κ. πρωθυπουργὸς ἐδήλωσε χθὲς ὅτι ἡ κυβέρνησις θὰ ἐξετάσῃ τὸ ζήτημα ἐντὸς τῆς ἑβδομάδος. Αἱ διαπραγματεύσεις συνεχίζονται ὑπὸ τὴν ἐποπτείαν τῶν ἁρμοδίων ὑπουργῶν καὶ ἀναμένεται ἡ ἀνακοίνωσις τῶν ἀποτελεσμάτων. ΛΟΝΔΙΝΟΝ, 10. (Ρώυτερ). — Ὁ ἐπίσημος ἐκπρόσωπος τοῦ Ὑπουργείου τῶν Ἐξωτερικῶν ἐδήλωσε σήμερον ὅτι ἡ βρετανικὴ κυβέρνησις παρακολουθεῖ μετὰ προσοχῆς τὴν ἐξέλιξιν τῆς καταστάσεως. ΑΘΗΝΑΙ, 10. — Κατὰ τὴν χθεσινὴν συνεδρίασιν τοῦ δημοτικοῦ συμβουλίου ἐσυζητήθη τὸ θέμα τοῦ οἰκοπέδου καὶ ὁ κ. δήμαρχος ἀπήντησεν εἰς τὰς κατηγορίας. ΟΥΑΣΙΓΚΤΩΝ, 10. (Ἀσσ. Πρὲς). — Ὁ πτέραρχος ἐζήτησεν αὔξησιν τῶν δυνάμεων τῆς συμμαχίας διὰ τὴν ἀντιμετώπισιν τῶν ἀπειλῶν. ΒΕΡΟΛΙΝΟΝ, 10. (Ρώυτερ). — Ὁ δήμαρχος συνέστησε ψυχραιμίαν εἰς τοὺς κατοίκους τῆς πόλεως. ΠΑΡΙΣΙΟΙ, 10. — Ὁ πρωθυπουργὸς ἔφθασεν ἐκ τῶν Ἀθηνῶν καὶ ἐδήλωσεν ὅτι ἡ ἐπίσκεψις ὑπῆρξεν ἄκρως ἐπιτυχής. ΚΑΪΡΟΝ, 10. (Ἀσσ. Πρὲς). — Ὑπεγράφη τὸ σύμφωνον ἐμπορικῶν ἀνταλλαγῶν μεταξὺ τῶν δύο χωρῶν.

ΟΥΔΕΝ ΑΠΟΚΛΕΙΕΤΑΙ

ΚΟΥΒΕΙΤ, 10. (Ρώυτερ). — Ἐν ἐκ τῶν δύο σημείων τῶν βρετανικῶν ἀεροδρομίων καὶ ναυτικῶν βάσεων ἐζήτησαν ὅπως ἀποχωρήσουν αἱ δυνάμεις. Ὁ κ. πρωθυπουργὸς

ΕΠΑΝΑΛΑΜΒΑΝΟΝΤΑΙ ΕΝΤΟΣ ΤΗΣ ΕΒΔΟΜΑΔΟΣ ΑΙ ΔΙΑΠΡΑΓΜΑΤΕΥΣΕΙΣ ΓΑΛΛΙΑΣ ΚΑΙ ΑΛΓΕΡΙΟΥ

ΚΟΥΒΕΙΤ, 10. (Ρώυτερ). — Ἐν ἐκ τῶν δύο σημείων τῶν βρετανικῶν ἀεροδρομίων καὶ ναυτικῶν βάσεων ἐζήτησαν ὅπως ἀποχωρήσουν αἱ δυνάμεις. Ὁ κ. πρωθυπουργὸς ἐδήλωσε χθὲς ὅτι ἡ κυβέρνησις θὰ ἐξετάσῃ τὸ ζήτημα ἐντὸς τῆς ἑβδομάδος. Αἱ διαπραγματεύσεις συνεχίζονται ὑπὸ τὴν ἐποπτείαν τῶν ἁρμοδίων ὑπουργῶν καὶ ἀναμένεται ἡ ἀνακοίνωσις τῶν ἀποτελεσμάτων. ΛΟΝΔΙΝΟΝ, 10. (Ρώυτερ). — Ὁ ἐπίσημος ἐκπρόσωπος τοῦ Ὑπουργείου τῶν Ἐξωτερικῶν ἐδήλωσε σήμερον ὅτι ἡ βρετανικὴ κυβέρνησις παρακολουθεῖ μετὰ προσοχῆς τὴν ἐξέλιξιν τῆς καταστάσεως. ΑΘΗΝΑΙ, 10. — Κατὰ τὴν χθεσινὴν συνεδρίασιν τοῦ δημοτικοῦ συμβουλίου ἐσυζητήθη τὸ θέμα τοῦ οἰκοπέδου καὶ ὁ κ. δήμαρχος ἀπήντησεν εἰς τὰς κατηγορίας. ΟΥΑΣΙΓΚΤΩΝ, 10. (Ἀσσ. Πρὲς). — Ὁ πτέραρχος ἐζήτησεν αὔξησιν τῶν δυνάμεων τῆς συμμαχίας διὰ τὴν ἀντιμετώπισιν τῶν ἀπειλῶν. ΒΕΡΟΛΙΝΟΝ, 10. (Ρώυτερ). — Ὁ δήμαρχος συνέστησε ψυχραιμίαν εἰς τοὺς κατοίκους τῆς πόλεως. ΠΑΡΙΣΙΟΙ, 10. — Ὁ πρωθυπουργὸς ἔφθασεν ἐκ τῶν Ἀθηνῶν καὶ ἐδήλωσεν ὅτι ἡ ἐπίσκεψις ὑπῆρξεν

Ο ΠΤΕΡΑΡΧΟΣ ΝΟΡΣΤΑΝΤ ΣΥΝΙΣΤΑ ΕΚΘΥΜΩΣ ΤΗΝ ΕΙΣΟΔΟΝ ΤΗΣ ΙΣΠΑΝΙΑΣ ΕΙΣ ΤΟ Ν.Α.Τ.Ο.

ΚΟΥΒΕΙΤ, 10. (Ρώυτερ). — Ἐν ἐκ τῶν δύο σημείων τῶν βρετανικῶν ἀεροδρομίων καὶ ναυτικῶν βάσεων ἐζήτησαν ὅπως ἀποχωρήσουν αἱ δυνάμεις. Ὁ κ. πρωθυπουργὸς ἐδήλωσε χθὲς ὅτι ἡ κυβέρνησις θὰ ἐξετάσῃ τὸ ζήτημα ἐντὸς τῆς ἑβδομάδος. Αἱ διαπραγματεύσεις συνεχίζονται ὑπὸ τὴν ἐποπτείαν τῶν ἁρμοδίων ὑπουργῶν καὶ ἀναμένεται ἡ ἀνακοίνωσις τῶν ἀποτελεσμάτων. ΛΟΝΔΙΝΟΝ, 10. (Ρώυτερ). — Ὁ ἐπίσημος ἐκπρόσωπος τοῦ Ὑπουργείου τῶν Ἐξωτερικῶν ἐδήλωσε σήμερον ὅτι ἡ βρετανικὴ κυβέρνησις παρακολουθεῖ μετὰ προσοχῆς τὴν ἐξέλιξιν τῆς καταστάσεως. ΑΘΗΝΑΙ, 10. — Κατὰ τὴν χθεσινὴν συνεδρίασιν τοῦ δημοτικοῦ συμβουλίου ἐσυζητήθη τὸ θέμα τοῦ οἰκοπέδου καὶ ὁ κ. δήμαρχος ἀπήντησεν εἰς τὰς κατηγορίας. ΟΥΑΣΙΓΚΤΩΝ, 10. (Ἀσσ. Πρὲς). — Ὁ πτέραρχος ἐζήτησεν αὔξησιν τῶν δυνάμεων τῆς συμμαχίας διὰ τὴν ἀντιμετώπισιν τῶν ἀπειλῶν.

Η ΑΓΓΛΙΑ ΘΑ ΠΩΛΗΣΗ ΕΙΣ ΤΗΝ Η.Α.Δ. ΠΛΟΙΑ, ΑΕΡΟΠΛΑΝΑ, ΜΗΧΑΝΗΜΑΤΑ
Τὴν Κυριακὴν ὑπεγράφη ἐν Καΐρῳ εὐρύτατον ἐμπορικὸν σύμφωνον

ΚΟΥΒΕΙΤ, 10. (Ρώυτερ). — Ἐν ἐκ τῶν δύο σημείων τῶν βρετανικῶν ἀεροδρομίων καὶ ναυτικῶν βάσεων ἐζήτησαν ὅπως ἀποχωρήσουν αἱ δυνάμεις. Ὁ κ. πρωθυπουργὸς ἐδήλωσε χθὲς ὅτι ἡ κυβέρνησις θὰ ἐξετάσῃ τὸ ζήτημα ἐντὸς τῆς ἑβδομάδος. Αἱ διαπραγματεύσεις συνεχίζονται ὑπὸ τὴν ἐποπτείαν τῶν ἁρμοδίων ὑπουργῶν καὶ ἀναμένεται ἡ ἀνακοίνωσις τῶν ἀποτελεσμάτων. ΛΟΝΔΙΝΟΝ, 10. (Ρώυτερ). — Ὁ ἐπίσημος ἐκπρόσωπος τοῦ Ὑπουργείου τῶν Ἐξωτερικῶν ἐδήλωσε σήμερον ὅτι ἡ βρετανικὴ κυβέρνησις παρακολουθεῖ μετὰ προσοχῆς τὴν ἐξέλιξιν τῆς καταστάσεως. ΑΘΗΝΑΙ, 10. — Κατὰ τὴν χθεσινὴν συνεδρίασιν τοῦ δημοτικοῦ συμβουλίου ἐσυζητήθη τὸ θέμα τοῦ οἰκοπέδου καὶ ὁ κ. δήμαρχος ἀπήντησεν εἰς τὰς κατηγορίας. ΟΥΑΣΙΓΚΤΩΝ, 10. (Ἀσσ. Πρὲς). — Ὁ πτέραρχος ἐζήτησεν αὔξησιν τῶν δυνάμεων τῆς συμμαχίας διὰ τὴν ἀντιμετώπισιν τῶν ἀπειλῶν. ΒΕΡΟΛΙΝΟΝ, 10. (Ρώυτερ). — Ὁ δήμαρχος συνέστησε ψυχραιμίαν εἰς τοὺς κατοίκους τῆς πόλεως. ΠΑΡΙΣΙΟΙ, 10. — Ὁ πρωθυπουργὸς ἔφθασεν ἐκ τῶν Ἀθηνῶν καὶ ἐδήλωσεν ὅτι ἡ ἐπίσκεψις ὑπῆρξεν ἄκρως ἐπιτυχής. ΚΑΪΡΟΝ, 10. (Ἀσσ. Πρὲς). — Ὑπεγράφη τὸ σύμφωνον ἐμπορικῶν ἀνταλλαγῶν μεταξὺ τῶν δύο χωρῶν.

ΑΙ ΔΙΑΠΡΑΓΜΑΤΕΥΣΕΙΣ ΕΠΙ ΤΟΥ ΓΕΡΜΑΝΙΚΟΥ ΘΑ ΚΡΙΝΟΥΝ ΚΑΤΑ ΤΟΝ Δρα ΑΝΤΕΝΑΟΥΕΡ ΠΕΡΙ ΤΗΣ ΖΩΗΣ Ή ΤΟΥ ΘΑΝΑΤΟΥ ΟΛΩΝ ΤΩΝ ΛΑΩΝ
Καὶ ἡ Δύσις ἐπιθυμεῖ νὰ ἐπιφέρῃ ἀλλαγὰς ἀλλ' ὄχι ὑπὸ τὴν ἰσχυρὰν ρωσσικὴν πίεσιν

ΚΟΥΒΕΙΤ, 10. (Ρώυτερ). — Ἐν ἐκ τῶν δύο σημείων τῶν βρετανικῶν ἀεροδρομίων καὶ ναυτικῶν βάσεων ἐζήτησαν ὅπως ἀποχωρήσουν αἱ δυνάμεις. Ὁ κ. πρωθυπουργὸς ἐδήλωσε χθὲς ὅτι ἡ κυβέρνησις θὰ ἐξετάσῃ τὸ ζήτημα ἐντὸς τῆς ἑβδομάδος. Αἱ διαπραγματεύσεις συνεχίζονται ὑπὸ τὴν ἐποπτείαν τῶν ἁρμοδίων ὑπουργῶν καὶ ἀναμένεται ἡ ἀνακοίνωσις τῶν ἀποτελεσμάτων. ΛΟΝΔΙΝΟΝ, 10. (Ρώυτερ). — Ὁ ἐπίσημος ἐκπρόσωπος τοῦ Ὑπουργείου τῶν Ἐξωτερικῶν ἐδήλωσε σήμερον ὅτι ἡ βρετανικὴ κυβέρνησις παρακολουθεῖ μετὰ προσοχῆς τὴν ἐξέλιξιν τῆς καταστάσεως. ΑΘΗΝΑΙ, 10. — Κατὰ τὴν χθεσινὴν συνεδρίασιν τοῦ δημοτικοῦ συμβουλίου ἐσυζητήθη τὸ θέμα τοῦ οἰκοπέδου καὶ ὁ κ. δήμαρχος ἀπήντησεν εἰς τὰς κατηγορίας. ΟΥΑΣΙΓΚΤΩΝ, 10. (Ἀσσ. Πρὲς). — Ὁ πτέραρχος ἐζήτησεν αὔξησιν τῶν δυνάμεων τῆς συμμαχίας διὰ τὴν ἀντιμετώπισιν τῶν ἀπειλῶν. ΒΕΡΟΛΙΝΟΝ, 10. (Ρώυτερ). — Ὁ δήμαρχος συνέστησε ψυχραιμίαν εἰς τοὺς κατοίκους τῆς πόλεως. ΠΑΡΙΣΙΟΙ, 10. — Ὁ πρωθυπουργὸς ἔφθασεν ἐκ τῶν Ἀθηνῶν καὶ ἐδήλωσεν ὅτι ἡ ἐπίσκεψις ὑπῆρξεν ἄκρως ἐπιτυχής. ΚΑΪΡΟΝ, 10. (Ἀσσ. Πρὲς). — Ὑπεγράφη τὸ σύμφωνον ἐμπορικῶν ἀνταλλαγῶν μεταξὺ τῶν δύο χωρῶν.

ΒΡΑΔΥΝΕΙ Η ΑΠΑΝΤΗΣΙΣ

ΚΟΥΒΕΙΤ, 10. (Ρώυτερ). — Ἐν ἐκ τῶν δύο σημείων τῶν βρετανικῶν ἀεροδρομίων καὶ ναυτικῶν βάσεων ἐζήτησαν ὅπως ἀποχωρήσουν αἱ δυνάμεις. Ὁ κ. πρωθυπουργὸς ἐδήλωσε χθὲς ὅτι ἡ κυβέρνησις θὰ ἐξετάσῃ τὸ ζήτημα ἐντὸς τῆς ἑβδομάδος. Αἱ διαπραγματεύσεις συνεχίζονται ὑπὸ τὴν ἐποπτείαν τῶν ἁρμοδίων ὑπουργῶν καὶ ἀναμένεται ἡ ἀνακοίνωσις τῶν ἀποτελεσμάτων. ΛΟΝΔΙΝΟΝ, 10. (Ρώυτερ). — Ὁ ἐπίσημος ἐκπρόσωπος τοῦ Ὑπουργείου τῶν Ἐξωτερικῶν ἐδήλωσε σήμερον ὅτι ἡ βρετανικὴ κυβέρνησις παρακολουθεῖ μετὰ προσοχῆς τὴν ἐξέλιξιν τῆς καταστάσεως. ΑΘΗΝΑΙ, 10. — Κατὰ τὴν χθεσινὴν συνεδρίασιν τοῦ δημοτικοῦ συμβουλίου ἐσυζητήθη τὸ θέμα τοῦ οἰκοπέδου καὶ ὁ κ. δήμαρχος ἀπήντησεν εἰς τὰς κατηγορίας. ΟΥΑΣΙΓΚΤΩΝ, 10. (Ἀσσ. Πρὲς). — Ὁ πτέραρχος ἐζήτησεν αὔξησιν τῶν δυνάμεων τῆς συμμαχίας διὰ τὴν ἀντιμετώπισιν τῶν ἀπειλῶν. ΒΕΡΟΛΙΝΟΝ, 10. (Ρώυτερ). — Ὁ δήμαρχος συνέστησε ψυχραιμίαν εἰς τοὺς κατοίκους τῆς πόλεως. ΠΑΡΙΣΙΟΙ, 10. — Ὁ πρωθυπουργὸς ἔφθασεν ἐκ τῶν Ἀθηνῶν καὶ ἐδήλωσεν ὅτι ἡ ἐπίσκεψις ὑπῆρξεν ἄκρως ἐπιτυχής. ΚΑΪΡΟΝ, 10. (Ἀσσ. Πρὲς). — Ὑπεγράφη τὸ σύμφωνον ἐμπορικῶν ἀνταλλαγῶν μεταξὺ τῶν δύο χωρῶν.

ΘΑ ΥΠΟΓΡΑΦΗ ΧΩΡΙΣΤΗ

ΚΟΥΒΕΙΤ, 10. (Ρώυτερ). — Ἐν ἐκ τῶν δύο σημείων τῶν βρετανικῶν ἀεροδρομίων καὶ ναυτικῶν βάσεων ἐζήτησαν ὅπως ἀποχωρήσουν αἱ δυνάμεις. Ὁ κ. πρωθυπουργὸς ἐδήλωσε χθὲς ὅτι ἡ κυβέρνησις θὰ ἐξετάσῃ τὸ ζήτημα ἐντὸς τῆς ἑβδομάδος. Αἱ διαπραγματεύσεις συνεχίζονται ὑπὸ τὴν ἐποπτείαν τῶν ἁρμοδίων ὑπουργῶν καὶ ἀναμένεται ἡ ἀνακοίνωσις τῶν ἀποτελεσμάτων. ΛΟΝΔΙΝΟΝ, 10. (Ρώυτερ). — Ὁ ἐπίσημος ἐκπρόσωπος τοῦ Ὑπουργείου τῶν Ἐξωτερικῶν ἐδήλωσε σήμερον ὅτι ἡ βρετανικὴ κυβέρνησις παρακολουθεῖ μετὰ προσοχῆς τὴν ἐξέλιξιν τῆς καταστάσεως. ΑΘΗΝΑΙ, 10. — Κατὰ τὴν χθεσινὴν συνεδρίασιν τοῦ δημοτικοῦ συμβουλίου ἐσυζητήθη τὸ θέμα τοῦ οἰκοπέδου καὶ ὁ κ. δήμαρχος ἀπήντησεν εἰς τὰς κατηγορίας. ΟΥΑΣΙΓΚΤΩΝ, 10. (Ἀσσ. Πρὲς). — Ὁ πτέραρχος ἐζήτησεν αὔξησιν τῶν δυνάμεων τῆς συμμαχίας διὰ τὴν

Ο ΝΟΡΣΤΑΝΤ ΖΗΤΕΙ ΑΥΞΗΣΙΝ ΤΩΝ ΔΥΝΑΜΕΩΝ ΚΑΙ ΤΗΣ ΙΣΧΥΟΣ ΠΥΡΟΣ ΤΗΣ ΣΥΜΜΑΧΙΑΣ ΠΡΟΣ ΑΝΤΙΜΕΤΩΠΙΣΙΝ ΤΩΝ ΡΩΣΙΚΩΝ ΑΠΕΙΛΩΝ

ΚΟΥΒΕΙΤ, 10. (Ρώυτερ). — Ἐν ἐκ τῶν δύο σημείων τῶν βρετανικῶν ἀεροδρομίων καὶ ναυτικῶν βάσεων ἐζήτησαν ὅπως ἀποχωρήσουν αἱ δυνάμεις. Ὁ κ. πρωθυπουργὸς ἐδήλωσε χθὲς ὅτι ἡ κυβέρνησις θὰ ἐξετάσῃ τὸ ζήτημα ἐντὸς τῆς ἑβδομάδος. Αἱ διαπραγματεύσεις συνεχίζονται ὑπὸ τὴν ἐποπτείαν τῶν ἁρμοδίων ὑπουργῶν καὶ ἀναμένεται ἡ ἀνακοίνωσις τῶν ἀποτελεσμάτων. ΛΟΝΔΙΝΟΝ, 10. (Ρώυτερ). — Ὁ ἐπίσημος ἐκπρόσωπος τοῦ Ὑπουργείου τῶν Ἐξωτερικῶν ἐδήλωσε σήμερον ὅτι ἡ βρετανικὴ κυβέρνησις παρακολουθεῖ μετὰ προσοχῆς τὴν ἐξέλιξιν τῆς καταστάσεως. ΑΘΗΝΑΙ, 10. — Κατὰ τὴν χθεσινὴν συνεδρίασιν τοῦ δημοτικοῦ συμβουλίου ἐσυζητήθη τὸ θέμα τοῦ οἰκοπέδου καὶ ὁ κ. δήμαρχος ἀπήντησεν εἰς τὰς κατηγορίας. ΟΥΑΣΙΓΚΤΩΝ, 10. (Ἀσσ. Πρὲς). — Ὁ πτέραρχος ἐζήτησεν αὔξησιν τῶν δυνάμεων τῆς συμμαχίας διὰ τὴν ἀντιμετώπισιν τῶν ἀπειλῶν. ΒΕΡΟΛΙΝΟΝ, 10. (Ρώυτερ). — Ὁ δήμαρχος συνέστησε ψυχραιμίαν εἰς τοὺς κατοίκους τῆς πόλεως. ΠΑΡΙΣΙΟΙ, 10. — Ὁ πρωθυπουργὸς ἔφθασεν ἐκ τῶν Ἀθηνῶν καὶ ἐδήλωσεν ὅτι ἡ ἐπίσκεψις ὑπῆρξεν ἄκρως ἐπιτυχής. ΚΑΪΡΟΝ, 10. (Ἀσσ. Πρὲς). — Ὑπεγράφη τὸ σύμφωνον ἐμπορικῶν ἀνταλλαγῶν μεταξὺ τῶν δύο χωρῶν.

Η ΙΣΧΥΣ ΤΟΥ ΝΑΤΟ

ΚΟΥΒΕΙΤ, 10. (Ρώυτερ). — Ἐν ἐκ τῶν δύο σημείων τῶν βρετανικῶν ἀεροδρομίων καὶ ναυτικῶν βάσεων ἐζήτησαν ὅπως ἀποχωρήσουν αἱ δυνάμεις. Ὁ κ. πρωθυπουργὸς ἐδήλωσε χθὲς ὅτι ἡ κυβέρνησις θὰ ἐξετάσῃ τὸ ζήτημα ἐντὸς τῆς ἑβδομάδος. Αἱ διαπραγματεύσεις συνεχίζονται ὑπὸ τὴν ἐποπτείαν τῶν ἁρμοδίων ὑπουργῶν καὶ ἀναμένεται ἡ ἀνακοίνωσις τῶν ἀποτελεσμάτων. ΛΟΝΔΙΝΟΝ, 10. (Ρώυτερ). — Ὁ ἐπίσημος ἐκπρόσωπος τοῦ Ὑπουργείου τῶν Ἐξωτερικῶν ἐδήλωσε σήμερον ὅτι ἡ βρετανικὴ κυβέρνησις παρακολουθεῖ μετὰ προσοχῆς τὴν ἐξέλιξιν τῆς καταστάσεως. ΑΘΗΝΑΙ, 10. — Κατὰ τὴν χθεσινὴν συνεδρίασιν τοῦ δημοτικοῦ συμβουλίου ἐσυζητήθη τὸ θέμα τοῦ οἰκοπέδου καὶ ὁ κ. δήμαρχος ἀπήντησεν εἰς τὰς κατηγορίας. ΟΥΑΣΙΓΚΤΩΝ, 10. (Ἀσσ. Πρὲς). — Ὁ πτέραρχος ἐζήτησεν αὔξησιν τῶν δυνάμεων τῆς συμμαχίας διὰ τὴν ἀντιμετώπισιν τῶν ἀπειλῶν. ΒΕΡΟΛΙΝΟΝ, 10. (Ρώυτερ). — Ὁ δήμαρχος συνέστησε ψυχραιμίαν εἰς τοὺς κατοίκους τῆς πόλεως. ΠΑΡΙΣΙΟΙ, 10. — Ὁ πρωθυπουργὸς ἔφθασεν ἐκ τῶν Ἀθηνῶν καὶ ἐδήλωσεν ὅτι ἡ ἐπίσκεψις ὑπῆρξεν ἄκρως ἐπιτυχής. ΚΑΪΡΟΝ, 10. (Ἀσσ. Πρὲς). — Ὑπεγράφη τὸ σύμφωνον ἐμπορικῶν ἀνταλλαγῶν μεταξὺ τῶν δύο χωρῶν.

ΚΟΥΒΕΙΤ, 10. (Ρώυτερ). — Ἐν ἐκ τῶν δύο σημείων τῶν βρετανικῶν ἀεροδρομίων καὶ ναυτικῶν βάσεων ἐζήτησαν ὅπως ἀποχωρήσουν αἱ δυνάμεις. Ὁ κ. πρωθυπουργὸς ἐδήλωσε χθὲς ὅτι ἡ κυβέρνησις θὰ ἐξετάσῃ τὸ ζήτημα ἐντὸς τῆς ἑβδομάδος. Αἱ διαπραγματεύσεις συνεχίζονται ὑπὸ τὴν ἐποπτείαν τῶν ἁρμοδίων ὑπουργῶν καὶ ἀναμένεται ἡ ἀνακοίνωσις τῶν ἀποτελεσμάτων. ΛΟΝΔΙΝΟΝ, 10. (Ρώυτερ). — Ὁ ἐπίσημος ἐκπρόσωπος τοῦ Ὑπουργείου τῶν Ἐξωτερικῶν ἐδήλωσε σήμερον ὅτι ἡ βρετανικὴ κυβέρνησις παρακολουθεῖ μετὰ προσοχῆς τὴν ἐξέλιξιν τῆς καταστάσεως. ΑΘΗΝΑΙ, 10. — Κατὰ τὴν χθεσινὴν συνεδρίασιν τοῦ δημοτικοῦ συμβουλίου ἐσυζητήθη τὸ θέμα τοῦ οἰκοπέδου καὶ ὁ κ. δήμαρχος ἀπήντησεν εἰς τὰς κατηγορίας. ΟΥΑΣΙΓΚΤΩΝ, 10. (Ἀσσ. Πρὲς). — Ὁ πτέραρχος ἐζήτησεν αὔξησιν τῶν δυνάμεων τῆς συμμαχίας διὰ τὴν ἀντιμετώπισιν τῶν ἀπειλῶν. ΒΕΡΟΛΙΝΟΝ, 10. (Ρώυτερ). — Ὁ δήμαρχος συνέστησε ψυχραιμίαν εἰς τοὺς κατοίκους τῆς πόλεως. ΠΑΡΙΣΙΟΙ, 10. — Ὁ πρωθυπουργὸς ἔφθασεν ἐκ τῶν Ἀθηνῶν καὶ ἐδήλωσεν ὅτι ἡ ἐπίσκεψις ὑπῆρξεν ἄκρως ἐπιτυχής. ΚΑΪΡΟΝ, 10. (Ἀσσ. Πρὲς). — Ὑπεγράφη τὸ σύμφωνον ἐμπορικῶν ἀνταλλαγῶν μεταξὺ τῶν δύο χωρῶν.

700 ΝΕΑ ΒΟΜΒΑΡΔΙΣΤΙΚΑ

ΚΟΥΒΕΙΤ, 10. (Ρώυτερ). — Ἐν ἐκ τῶν δύο σημείων τῶν βρετανικῶν ἀεροδρομίων καὶ ναυτικῶν βάσεων ἐζήτησαν ὅπως ἀποχωρήσουν αἱ δυνάμεις. Ὁ κ. πρωθυπουργὸς ἐδήλωσε χθὲς ὅτι ἡ κυβέρνησις θὰ ἐξετάσῃ τὸ ζήτημα ἐντὸς τῆς ἑβδομάδος. Αἱ διαπραγματεύσεις συνεχίζονται ὑπὸ τὴν ἐποπτείαν τῶν ἁρμοδίων ὑπουργῶν καὶ ἀναμένεται ἡ ἀνακοίνωσις τῶν ἀποτελεσμάτων. ΛΟΝΔΙΝΟΝ, 10. (Ρώυτερ). — Ὁ ἐπίσημος ἐκπρόσωπος τοῦ Ὑπουργείου τῶν Ἐξωτερικῶν ἐδήλωσε σήμερον ὅτι ἡ βρετανικὴ κυβέρνησις παρακολουθεῖ μετὰ προσοχῆς τὴν ἐξέλιξιν τῆς καταστάσεως. ΑΘΗΝΑΙ, 10. — Κατὰ τὴν χθεσινὴν συνεδρίασιν τοῦ δημοτικοῦ συμβουλίου ἐσυζητήθη τὸ θέμα τοῦ οἰκοπέδου καὶ ὁ κ. δήμαρχος ἀπήντησεν εἰς τὰς κατηγορίας. ΟΥΑΣΙΓΚΤΩΝ, 10. (Ἀσσ. Πρὲς). — Ὁ πτέραρχος ἐζήτησεν αὔξησιν τῶν δυνάμεων τῆς συμμαχίας διὰ τὴν ἀντιμετώπισιν τῶν ἀπειλῶν. ΒΕΡΟΛΙΝΟΝ, 10. (Ρώυτερ). — Ὁ δήμαρχος συνέστησε ψυχραιμίαν εἰς τοὺς κατοίκους τῆς πόλεως. ΠΑΡΙΣΙΟΙ, 10. — Ὁ πρωθυπουργὸς ἔφθασεν ἐκ τῶν Ἀθηνῶν καὶ ἐδήλωσεν ὅτι ἡ ἐπίσκεψις ὑπῆρξεν ἄκρως ἐπιτυχής. ΚΑΪΡΟΝ, 10. (Ἀσσ. Πρὲς). — Ὑπεγράφη τὸ σύμφωνον ἐμπορικῶν ἀνταλλαγῶν μεταξὺ τῶν δύο χωρῶν.

ΑΙ ΜΕΡΑΡΧΙΑΙ ΤΟΥ ΝΑΤΟ

ΚΟΥΒΕΙΤ, 10. (Ρώυτερ). — Ἐν ἐκ τῶν δύο σημείων τῶν βρετανικῶν ἀεροδρομίων καὶ ναυτικῶν βάσεων ἐζήτησαν ὅπως

Ο ΡΑΣΚ ΚΑΛΕΙ ΤΟΝ ΑΜΕΡΙΚΑΝΙΚΟΝ ΛΑΟΝ ΝΑ ΠΡΟΣΕΞΗ ΤΟΝ ΛΟΓΟΝ ΤΟΥ ΚΡΟΥΣΤΣΕΦ

ΚΟΥΒΕΙΤ, 10. (Ρώυτερ). — Ἐν ἐκ τῶν δύο σημείων τῶν βρετανικῶν ἀεροδρομίων καὶ ναυτικῶν βάσεων ἐζήτησαν ὅπως ἀποχωρήσουν αἱ δυνάμεις. Ὁ κ. πρωθυπουργὸς ἐδήλωσε χθὲς ὅτι ἡ κυβέρνησις θὰ ἐξετάσῃ τὸ ζήτημα ἐντὸς τῆς ἑβδομάδος. Αἱ διαπραγματεύσεις συνεχίζονται ὑπὸ τὴν ἐποπτείαν τῶν ἁρμοδίων ὑπουργῶν καὶ ἀναμένεται ἡ ἀνακοίνωσις τῶν ἀποτελεσμάτων. ΛΟΝΔΙΝΟΝ, 10. (Ρώυτερ). — Ὁ ἐπίσημος ἐκπρόσωπος τοῦ Ὑπουργείου τῶν Ἐξωτερικῶν ἐδήλωσε σήμερον ὅτι ἡ βρετανικὴ κυβέρνησις παρακολουθεῖ μετὰ προσοχῆς τὴν ἐξέλιξιν τῆς καταστάσεως. ΑΘΗΝΑΙ, 10. — Κατὰ τὴν χθεσινὴν συνεδρίασιν τοῦ δημοτικοῦ συμβουλίου ἐσυζητήθη τὸ θέμα τοῦ οἰκοπέδου καὶ ὁ κ. δήμαρχος ἀπήντησεν εἰς τὰς κατηγορίας. ΟΥΑΣΙΓΚΤΩΝ, 10. (Ἀσσ. Πρὲς). — Ὁ πτέραρχος ἐζήτησεν αὔξησιν τῶν δυνάμεων τῆς συμμαχίας διὰ τὴν ἀντιμετώπισιν τῶν ἀπειλῶν. ΒΕΡΟΛΙΝΟΝ, 10. (Ρώυτερ). — Ὁ δήμαρχος συνέστησε ψυχραιμίαν εἰς τοὺς κατοίκους τῆς πόλεως. ΠΑΡΙΣΙΟΙ, 10. — Ὁ πρωθυπουργὸς ἔφθασεν ἐκ τῶν Ἀθηνῶν καὶ ἐδήλωσεν ὅτι ἡ ἐπίσκεψις ὑπῆρξεν ἄκρως ἐπιτυχής. ΚΑΪΡΟΝ, 10. (Ἀσσ. Πρὲς). — Ὑπεγράφη τὸ σύμφωνον ἐμπορικῶν ἀνταλλαγῶν μεταξὺ τῶν δύο χωρῶν.

24ΩΡΟΣ ΑΠΕΡΓΙΑ ΤΩΝ ΕΡΓΑΤΟΫΠΑΛΛΗΛΩΝ ΚΑΠΝΟΒΙΟΜΗΧΑΝΙΑΣ ΤΗΝ 21ΗΝ ΙΟΥΛΙΟΥ

ΚΟΥΒΕΙΤ, 10. (Ρώυτερ). — Ἐν ἐκ τῶν δύο σημείων τῶν βρετανικῶν ἀεροδρομίων καὶ ναυτικῶν βάσεων ἐζήτησαν ὅπως ἀποχωρήσουν αἱ δυνάμεις. Ὁ κ. πρωθυπουργὸς ἐδήλωσε χθὲς ὅτι ἡ κυβέρνησις θὰ ἐξετάσῃ τὸ ζήτημα ἐντὸς τῆς ἑβδομάδος. Αἱ διαπραγματεύσεις συνεχίζονται ὑπὸ τὴν ἐποπτείαν τῶν ἁρμοδίων ὑπουργῶν καὶ ἀναμένεται ἡ ἀνακοίνωσις τῶν ἀποτελεσμάτων. ΛΟΝΔΙΝΟΝ, 10. (Ρώυτερ). — Ὁ ἐπίσημος ἐκπρόσωπος τοῦ Ὑπουργείου τῶν Ἐξωτερικῶν ἐδήλωσε σήμερον ὅτι ἡ βρετανικὴ κυβέρνησις παρακολουθεῖ μετὰ προσοχῆς τὴν ἐξέλιξιν τῆς καταστάσεως. ΑΘΗΝΑΙ, 10. — Κατὰ τὴν χθεσινὴν συνεδρίασιν τοῦ δημοτικοῦ συμβουλίου ἐσυζητήθη τὸ θέμα τοῦ οἰκοπέδου καὶ ὁ κ. δήμαρχος ἀπήντησεν εἰς τὰς κατηγορίας. ΟΥΑΣΙΓΚΤΩΝ, 10. (Ἀσσ. Πρὲς). — Ὁ πτέραρχος ἐζήτησεν αὔξησιν τῶν δυνάμεων τῆς συμμαχίας διὰ τὴν ἀντιμετώπισιν τῶν ἀπειλῶν. ΒΕΡΟΛΙΝΟΝ, 10. (Ρώυτερ). — Ὁ δήμαρχος συνέστησε ψυχραιμίαν εἰς τοὺς κατοίκους τῆς πόλεως. ΠΑΡΙΣΙΟΙ, 10. — Ὁ πρωθυπουργὸς ἔφθασεν ἐκ τῶν Ἀθηνῶν καὶ ἐδήλωσεν ὅτι ἡ ἐπίσκεψις ὑπῆρξεν ἄκρως ἐπιτυχής. ΚΑΪΡΟΝ, 10. (Ἀσσ. Πρὲς). — Ὑπεγράφη τὸ σύμφωνον ἐμπορικῶν ἀνταλλαγῶν μεταξὺ τῶν δύο χωρῶν.

Ο ΓΙΟΥΡΙ ΓΚΑΓΚΑΡΙΝ ΘΑ ΓΙΝΗ ΔΕΚΤΟΣ ΑΠΟ ΤΟΝ κ. ΜΑΚ ΜΙΛΛΑΝ

ΚΟΥΒΕΙΤ, 10. (Ρώυτερ). — Ἐν ἐκ τῶν δύο σημείων τῶν βρετανικῶν ἀεροδρομίων καὶ ναυτικῶν βάσεων ἐζήτησαν ὅπως ἀποχωρήσουν αἱ δυνάμεις. Ὁ κ. πρωθυπουργὸς ἐδήλωσε χθὲς ὅτι ἡ κυβέρνησις θὰ ἐξετάσῃ τὸ ζήτημα ἐντὸς τῆς ἑβδομάδος. Αἱ διαπραγματεύσεις συνεχίζονται ὑπὸ τὴν ἐποπτείαν τῶν ἁρμοδίων ὑπουργῶν καὶ ἀναμένεται ἡ ἀνακοίνωσις τῶν ἀποτελεσμάτων. ΛΟΝΔΙΝΟΝ, 10. (Ρώυτερ). — Ὁ ἐπίσημος ἐκπρόσωπος τοῦ Ὑπουργείου τῶν Ἐξωτερικῶν ἐδήλωσε σήμερον ὅτι ἡ βρετανικὴ κυβέρνησις παρακολουθεῖ μετὰ προσοχῆς τὴν ἐξέλιξιν τῆς καταστάσεως. ΑΘΗΝΑΙ, 10. — Κατὰ τὴν χθεσινὴν συνεδρίασιν τοῦ δημοτικοῦ συμβουλίου ἐσυζητήθη τὸ θέμα τοῦ οἰκοπέδου καὶ ὁ κ. δήμαρχος ἀπήντησεν εἰς τὰς κατηγορίας. ΟΥΑΣΙΓΚΤΩΝ, 10. (Ἀσσ. Πρὲς). — Ὁ πτέραρχος ἐζήτησεν αὔξησιν τῶν δυνάμεων τῆς συμμαχίας διὰ τὴν ἀντιμετώπισιν τῶν ἀπειλῶν. ΒΕΡΟΛΙΝΟΝ, 10. (Ρώυτερ). — Ὁ δήμαρχος συνέστησε ψυχραιμίαν εἰς τοὺς κατοίκους τῆς πόλεως. ΠΑΡΙΣΙΟΙ, 10. — Ὁ πρωθυπουργὸς ἔφθασεν ἐκ τῶν Ἀθηνῶν καὶ ἐδήλωσεν ὅτι ἡ ἐπίσκεψις ὑπῆρξεν ἄκρως ἐπιτυχής. ΚΑΪΡΟΝ, 10. (Ἀσσ. Πρὲς). — Ὑπεγράφη τὸ σύμφωνον ἐμπορικῶν ἀνταλλαγῶν μεταξὺ τῶν δύο χωρῶν.

ΕΠΙΔΕΙΞΙΣ ΙΣΧΥΟΣ

ΚΟΥΒΕΙΤ, 10. (Ρώυτερ). — Ἐν ἐκ τῶν δύο σημείων τῶν βρετανικῶν ἀεροδρομίων καὶ ναυτικῶν βάσεων ἐζήτησαν ὅπως ἀποχωρήσουν αἱ δυνάμεις. Ὁ κ. πρωθυπουργὸς ἐδήλωσε χθὲς ὅτι ἡ κυβέρνησις θὰ ἐξετάσῃ τὸ ζήτημα ἐντὸς τῆς ἑβδομάδος. Αἱ διαπραγματεύσεις συνεχίζονται ὑπὸ τὴν ἐποπτείαν τῶν ἁρμοδίων ὑπουργῶν καὶ ἀναμένεται ἡ ἀνακοίνωσις τῶν ἀποτελεσμάτων. ΛΟΝΔΙΝΟΝ, 10. (Ρώυτερ). — Ὁ ἐπίσημος ἐκπρόσωπος τοῦ Ὑπουργείου τῶν Ἐξωτερικῶν ἐδήλωσε σήμερον ὅτι ἡ βρετανικὴ κυβέρνησις παρακολουθεῖ μετὰ προσοχῆς τὴν ἐξέλιξιν τῆς καταστάσεως. ΑΘΗΝΑΙ, 10. — Κατὰ τὴν χθεσινὴν συνεδρίασιν τοῦ δημοτικοῦ συμβουλίου ἐσυζητήθη τὸ θέμα τοῦ οἰκοπέδου καὶ ὁ κ. δήμαρχος ἀπήντησεν εἰς τὰς κατηγορίας. ΟΥΑΣΙΓΚΤΩΝ, 10. (Ἀσσ. Πρὲς). — Ὁ πτέραρχος ἐζήτησεν αὔξησιν τῶν δυνάμεων τῆς συμμαχίας διὰ τὴν ἀντιμετώπισιν τῶν ἀπειλῶν. ΒΕΡΟΛΙΝΟΝ, 10. (Ρώυτερ). — Ὁ δήμαρχος συνέστησε ψυχραιμίαν εἰς τοὺς κατοίκους τῆς πόλεως. ΠΑΡΙΣΙΟΙ, 10. — Ὁ πρωθυπουργὸς ἔφθασεν ἐκ τῶν Ἀθηνῶν καὶ ἐδήλωσεν ὅτι ἡ ἐπίσκεψις ὑπῆρξεν ἄκρως ἐπιτυχής. ΚΑΪΡΟΝ, 10. (Ἀσσ. Πρὲς). — Ὑπεγράφη τὸ σύμφωνον ἐμπορικῶν ἀνταλλαγῶν μεταξὺ τῶν δύο χωρῶν.

Ο ΠΡΟΕΔΡΟΣ ΤΟΥ ΠΑΚΙΣΤΑΝ ΕΙΣ ΟΥΑΣΙΓΚΤΩΝ

ΚΟΥΒΕΙΤ, 10. (Ρώυτερ). — Ἐν ἐκ τῶν δύο σημείων τῶν βρετανικῶν ἀεροδρομίων καὶ ναυτικῶν βάσεων ἐζήτησαν ὅπως ἀποχωρήσουν αἱ δυνάμεις. Ὁ κ. πρωθυπουργὸς ἐδήλωσε χθὲς ὅτι ἡ κυβέρνησις θὰ ἐξετάσῃ τὸ ζήτημα ἐντὸς τῆς ἑβδομάδος. Αἱ διαπραγματεύσεις συνεχίζονται ὑπὸ τὴν ἐποπτείαν τῶν ἁρμοδίων ὑπουργῶν καὶ ἀναμένεται ἡ ἀνακοίνωσις τῶν ἀποτελεσμάτων. ΛΟΝΔΙΝΟΝ, 10. (Ρώυτερ). — Ὁ ἐπίσημος ἐκπρόσωπος τοῦ Ὑπουργείου τῶν Ἐξωτερικῶν ἐδήλωσε σήμερον ὅτι ἡ βρετανικὴ κυβέρνησις παρακολουθεῖ μετὰ προσοχῆς τὴν
